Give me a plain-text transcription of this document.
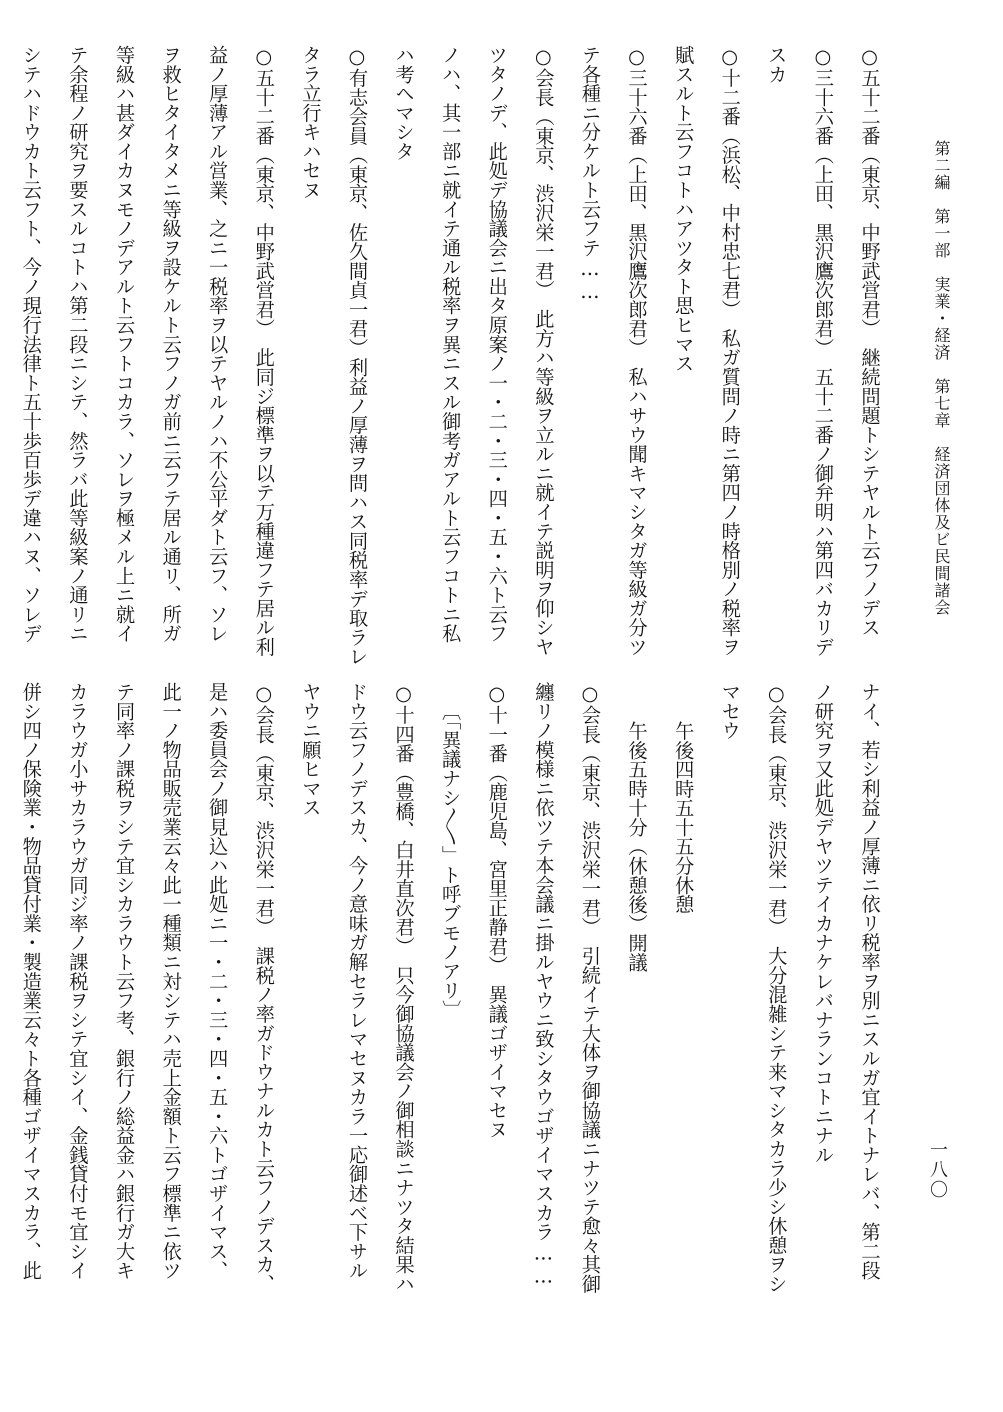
第二編　第一部　実業・経済　第七章　経済団体及ビ民間諸会
一八〇
○五十二番（東京、中野武営君）　継続問題トシテヤルト云フノデス
○三十六番（上田、黒沢鷹次郎君）　五十二番ノ御弁明ハ第四バカリデ
スカ
○十二番（浜松、中村忠七君）　私ガ質問ノ時ニ第四ノ時格別ノ税率ヲ
賦スルト云フコトハアツタト思ヒマス
○三十六番（上田、黒沢鷹次郎君）　私ハサウ聞キマシタガ等級ガ分ツ
テ各種ニ分ケルト云フテ……
○会長（東京、渋沢栄一君）　此方ハ等級ヲ立ルニ就イテ説明ヲ仰シヤ
ツタノデ、此処デ協議会ニ出タ原案ノ一・二・三・四・五・六ト云フ
ノハ、其一部ニ就イテ通ル税率ヲ異ニスル御考ガアルト云フコトニ私
ハ考ヘマシタ
○有志会員（東京、佐久間貞一君）利益ノ厚薄ヲ問ハス同税率デ取ラレ
タラ立行キハセヌ
○五十二番（東京、中野武営君）　此同ジ標準ヲ以テ万種違フテ居ル利
益ノ厚薄アル営業、之ニ一税率ヲ以テヤルノハ不公平ダト云フ、ソレ
ヲ救ヒタイタメニ等級ヲ設ケルト云フノガ前ニ云フテ居ル通リ、所ガ
等級ハ甚ダイカヌモノデアルト云フトコカラ、ソレヲ極メル上ニ就イ
テ余程ノ研究ヲ要スルコトハ第二段ニシテ、然ラバ此等級案ノ通リニ
シテハドウカト云フト、今ノ現行法律ト五十歩百歩デ違ハヌ、ソレデ
ナイ、若シ利益ノ厚薄ニ依リ税率ヲ別ニスルガ宜イトナレバ、第二段
ノ研究ヲ又此処デヤツテイカナケレバナランコトニナル
○会長（東京、渋沢栄一君）　大分混雑シテ来マシタカラ少シ休憩ヲシ
マセウ
午後四時五十五分休憩
午後五時十分（休憩後）開議
○会長（東京、渋沢栄一君）　引続イテ大体ヲ御協議ニナツテ愈々其御
纏リノ模様ニ依ツテ本会議ニ掛ルヤウニ致シタウゴザイマスカラ……
○十一番（鹿児島、宮里正静君）　異議ゴザイマセヌ
〔「異議ナシ〳〵」ト呼ブモノアリ〕
○十四番（豊橋、白井直次君）　只今御協議会ノ御相談ニナツタ結果ハ
ドウ云フノデスカ、今ノ意味ガ解セラレマセヌカラ一応御述ベ下サル
ヤウニ願ヒマス
○会長（東京、渋沢栄一君）　課税ノ率ガドウナルカト云フノデスカ、
是ハ委員会ノ御見込ハ此処ニ一・二・三・四・五・六トゴザイマス、
此一ノ物品販売業云々此一種類ニ対シテハ売上金額ト云フ標準ニ依ツ
テ同率ノ課税ヲシテ宜シカラウト云フ考、銀行ノ総益金ハ銀行ガ大キ
カラウガ小サカラウガ同ジ率ノ課税ヲシテ宜シイ、金銭貸付モ宜シイ
併シ四ノ保険業・物品貸付業・製造業云々ト各種ゴザイマスカラ、此
